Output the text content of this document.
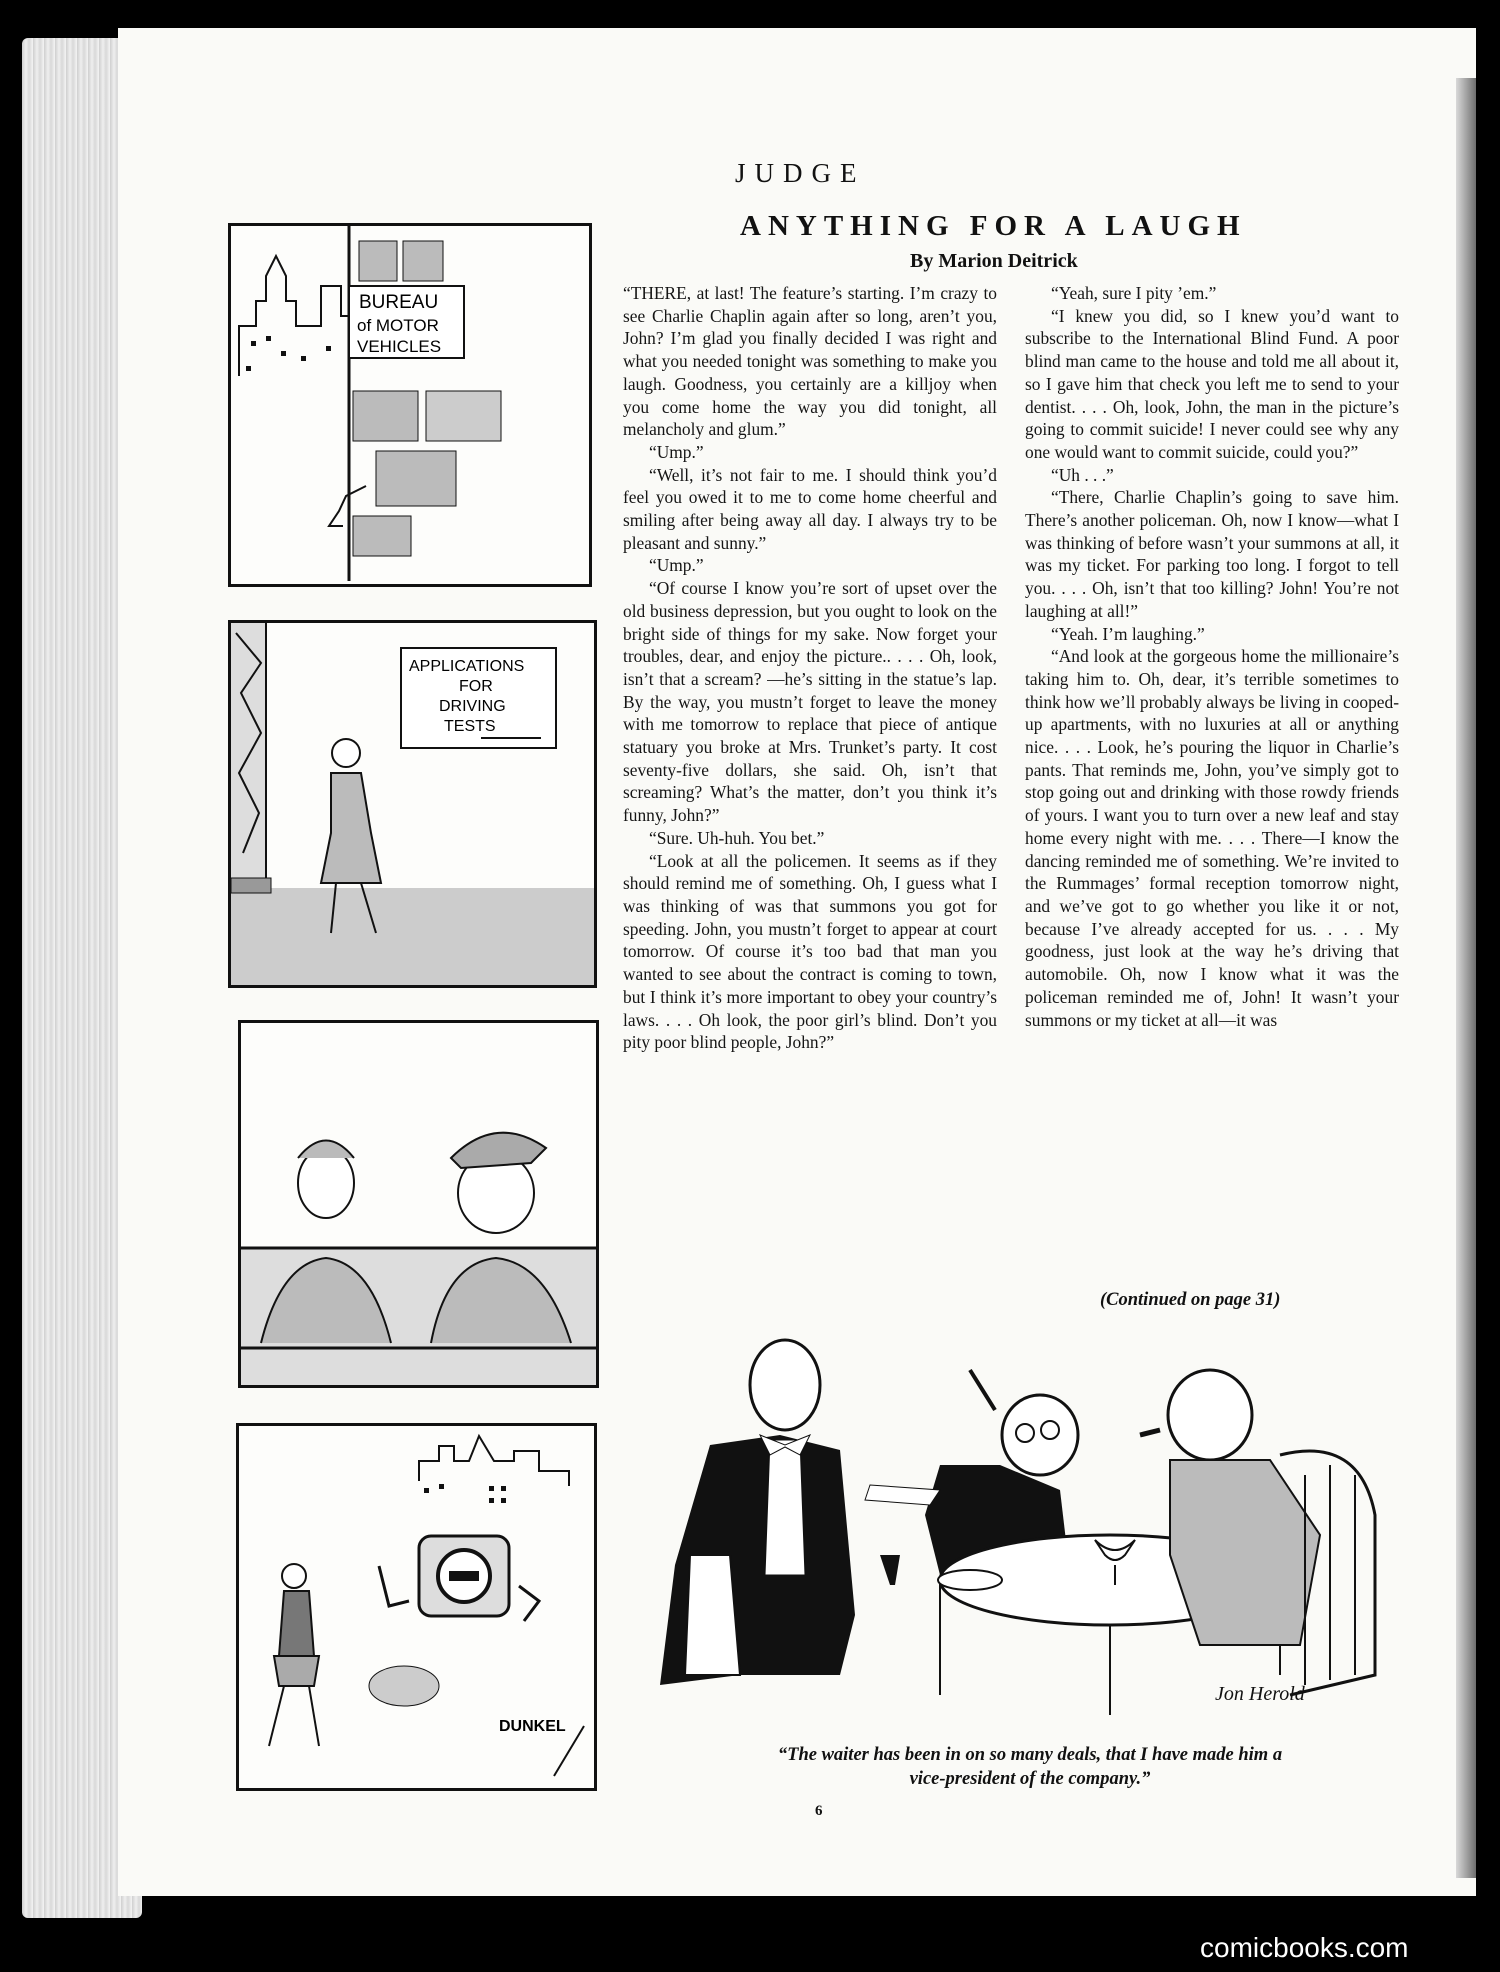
JUDGE
ANYTHING FOR A LAUGH
By Marion Deitrick
BUREAU
of MOTOR
VEHICLES
APPLICATIONS
FOR
DRIVING
TESTS
DUNKEL

“THERE, at last! The feature’s starting. I’m crazy to see Charlie Chaplin again after so long, aren’t you, John? I’m glad you finally decided I was right and what you needed tonight was something to make you laugh. Goodness, you certainly are a killjoy when you come home the way you did tonight, all melancholy and glum.”

“Ump.”

“Well, it’s not fair to me. I should think you’d feel you owed it to me to come home cheerful and smiling after being away all day. I always try to be pleasant and sunny.”

“Ump.”

“Of course I know you’re sort of upset over the old business depression, but you ought to look on the bright side of things for my sake. Now forget your troubles, dear, and enjoy the picture.. . . . Oh, look, isn’t that a scream? —he’s sitting in the statue’s lap. By the way, you mustn’t forget to leave the money with me tomorrow to replace that piece of antique statuary you broke at Mrs. Trunket’s party. It cost seventy-five dollars, she said. Oh, isn’t that screaming? What’s the matter, don’t you think it’s funny, John?”

“Sure. Uh-huh. You bet.”

“Look at all the policemen. It seems as if they should remind me of something. Oh, I guess what I was thinking of was that summons you got for speeding. John, you mustn’t forget to appear at court tomorrow. Of course it’s too bad that man you wanted to see about the contract is coming to town, but I think it’s more important to obey your country’s laws. . . . Oh look, the poor girl’s blind. Don’t you pity poor blind people, John?”

“Yeah, sure I pity ’em.”

“I knew you did, so I knew you’d want to subscribe to the International Blind Fund. A poor blind man came to the house and told me all about it, so I gave him that check you left me to send to your dentist. . . . Oh, look, John, the man in the picture’s going to commit suicide! I never could see why any one would want to commit suicide, could you?”

“Uh . . .”

“There, Charlie Chaplin’s going to save him. There’s another policeman. Oh, now I know—what I was thinking of before wasn’t your summons at all, it was my ticket. For parking too long. I forgot to tell you. . . . Oh, isn’t that too killing? John! You’re not laughing at all!”

“Yeah. I’m laughing.”

“And look at the gorgeous home the millionaire’s taking him to. Oh, dear, it’s terrible sometimes to think how we’ll probably always be living in cooped-up apartments, with no luxuries at all or anything nice. . . . Look, he’s pouring the liquor in Charlie’s pants. That reminds me, John, you’ve simply got to stop going out and drinking with those rowdy friends of yours. I want you to turn over a new leaf and stay home every night with me. . . . There—I know the dancing reminded me of something. We’re invited to the Rummages’ formal reception tomorrow night, and we’ve got to go whether you like it or not, because I’ve already accepted for us. . . . My goodness, just look at the way he’s driving that automobile. Oh, now I know what it was the policeman reminded me of, John! It wasn’t your summons or my ticket at all—it was

(Continued on page 31)
Jon Herold
“The waiter has been in on so many deals, that I have made him a
vice-president of the company.”
6
comicbooks.com
